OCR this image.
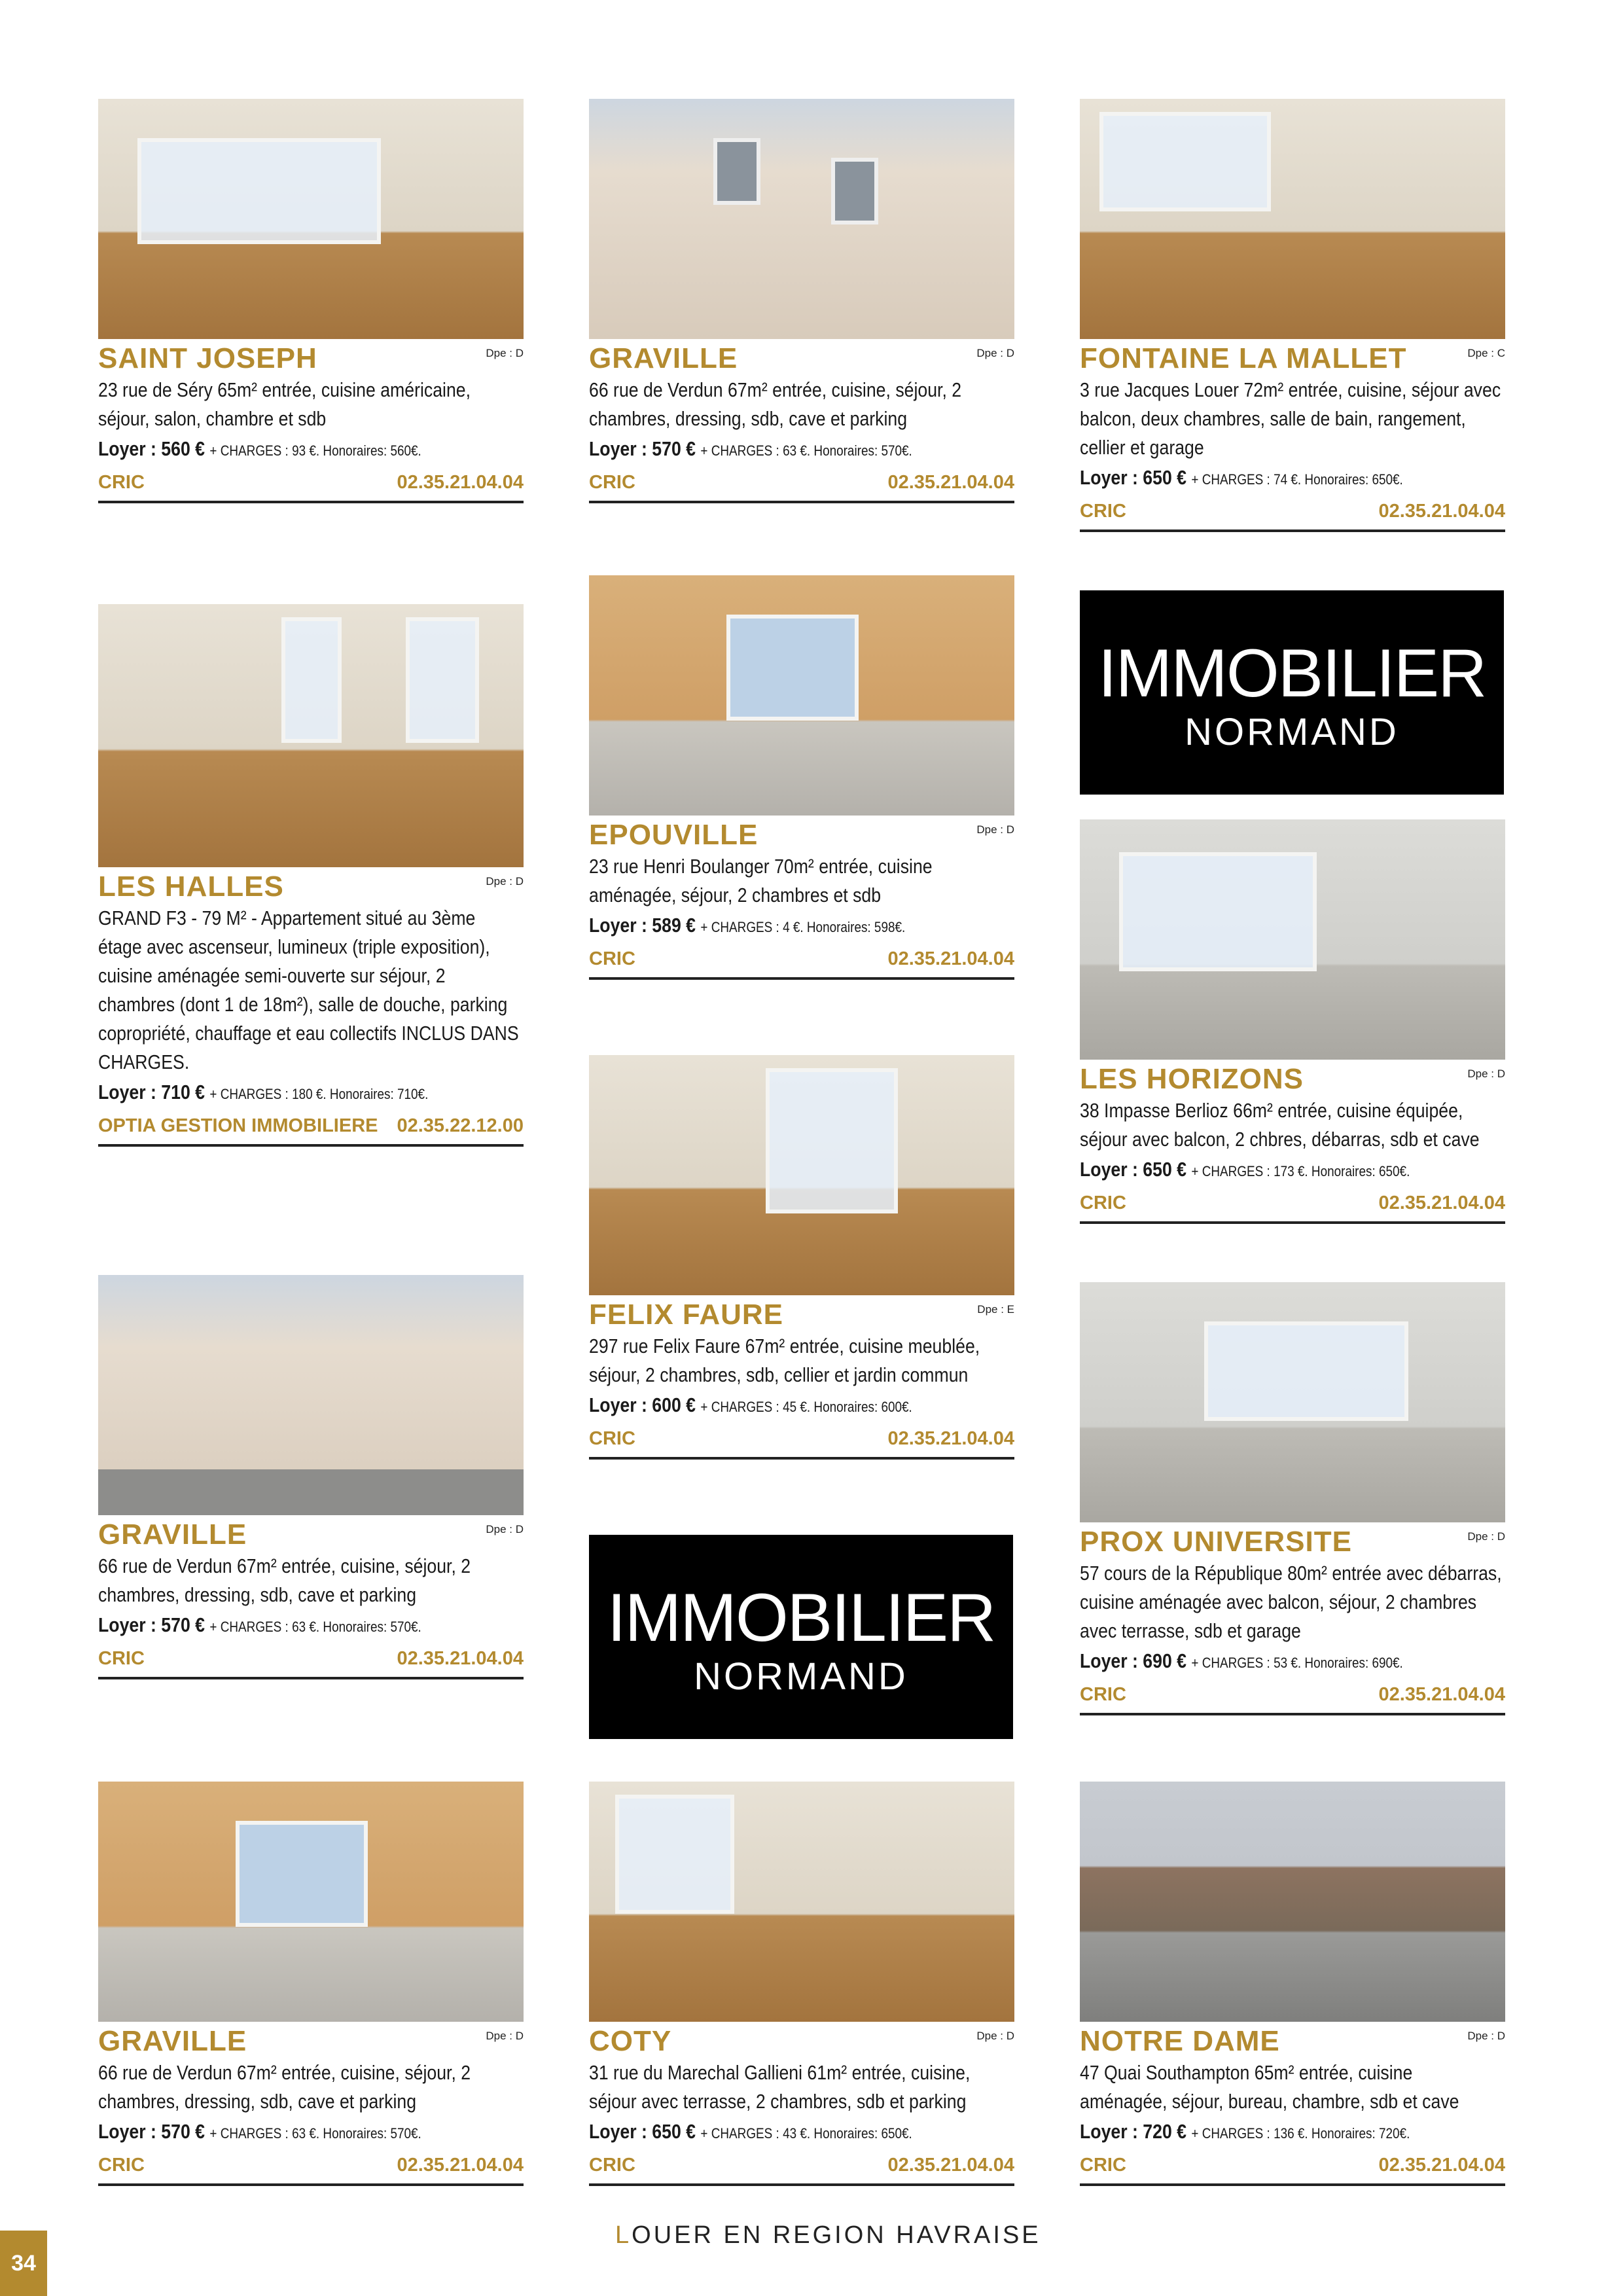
SAINT JOSEPH	Dpe : D
23 rue de Séry 65m² entrée, cuisine américaine, séjour, salon, chambre et sdb
Loyer : 560 € + CHARGES : 93 €. Honoraires: 560€.
CRIC	02.35.21.04.04
GRAVILLE	Dpe : D
66 rue de Verdun 67m² entrée, cuisine, séjour, 2 chambres, dressing, sdb, cave et parking
Loyer : 570 € + CHARGES : 63 €. Honoraires: 570€.
CRIC	02.35.21.04.04
FONTAINE LA MALLET	Dpe : C
3 rue Jacques Louer 72m² entrée, cuisine, séjour avec balcon, deux chambres, salle de bain, rangement, cellier et garage
Loyer : 650 € + CHARGES : 74 €. Honoraires: 650€.
CRIC	02.35.21.04.04
LES HALLES	Dpe : D
GRAND F3 - 79 M² - Appartement situé au 3ème étage avec ascenseur, lumineux (triple exposition), cuisine aménagée semi-ouverte sur séjour, 2 chambres (dont 1 de 18m²), salle de douche, parking copropriété, chauffage et eau collectifs INCLUS DANS CHARGES.
Loyer : 710 € + CHARGES : 180 €. Honoraires: 710€.
OPTIA GESTION IMMOBILIERE 02.35.22.12.00
EPOUVILLE	Dpe : D
23 rue Henri Boulanger 70m² entrée, cuisine aménagée, séjour, 2 chambres et sdb
Loyer : 589 € + CHARGES : 4 €. Honoraires: 598€.
CRIC	02.35.21.04.04
IMMOBILIER
NORMAND
LES HORIZONS	Dpe : D
38 Impasse Berlioz 66m² entrée, cuisine équipée, séjour avec balcon, 2 chbres, débarras, sdb et cave
Loyer : 650 € + CHARGES : 173 €. Honoraires: 650€.
CRIC	02.35.21.04.04
FELIX FAURE	Dpe : E
297 rue Felix Faure 67m² entrée, cuisine meublée, séjour, 2 chambres, sdb, cellier et jardin commun
Loyer : 600 € + CHARGES : 45 €. Honoraires: 600€.
CRIC	02.35.21.04.04
GRAVILLE	Dpe : D
66 rue de Verdun 67m² entrée, cuisine, séjour, 2 chambres, dressing, sdb, cave et parking
Loyer : 570 € + CHARGES : 63 €. Honoraires: 570€.
CRIC	02.35.21.04.04
IMMOBILIER
NORMAND
PROX UNIVERSITE	Dpe : D
57 cours de la République 80m² entrée avec débarras, cuisine aménagée avec balcon, séjour, 2 chambres avec terrasse, sdb et garage
Loyer : 690 € + CHARGES : 53 €. Honoraires: 690€.
CRIC	02.35.21.04.04
GRAVILLE	Dpe : D
66 rue de Verdun 67m² entrée, cuisine, séjour, 2 chambres, dressing, sdb, cave et parking
Loyer : 570 € + CHARGES : 63 €. Honoraires: 570€.
CRIC	02.35.21.04.04
COTY	Dpe : D
31 rue du Marechal Gallieni 61m² entrée, cuisine, séjour avec terrasse, 2 chambres, sdb et parking
Loyer : 650 € + CHARGES : 43 €. Honoraires: 650€.
CRIC	02.35.21.04.04
NOTRE DAME	Dpe : D
47 Quai Southampton 65m² entrée, cuisine aménagée, séjour, bureau, chambre, sdb et cave
Loyer : 720 € + CHARGES : 136 €. Honoraires: 720€.
CRIC	02.35.21.04.04
34
LOUER EN REGION HAVRAISE
